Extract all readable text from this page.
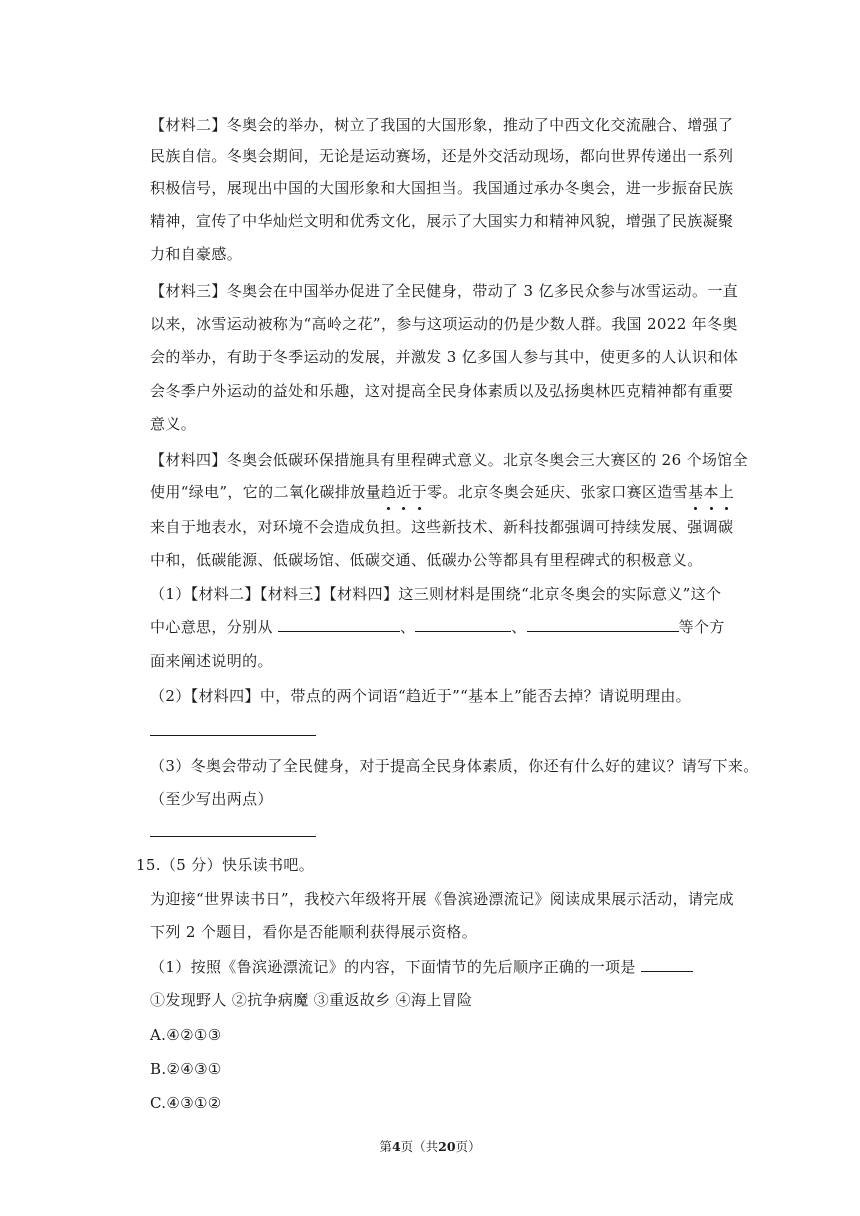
【材料二】冬奥会的举办，树立了我国的大国形象，推动了中西文化交流融合、增强了
民族自信。冬奥会期间，无论是运动赛场，还是外交活动现场，都向世界传递出一系列
积极信号，展现出中国的大国形象和大国担当。我国通过承办冬奥会，进一步振奋民族
精神，宣传了中华灿烂文明和优秀文化，展示了大国实力和精神风貌，增强了民族凝聚
力和自豪感。
【材料三】冬奥会在中国举办促进了全民健身，带动了 3 亿多民众参与冰雪运动。一直
以来，冰雪运动被称为“高岭之花”，参与这项运动的仍是少数人群。我国 2022 年冬奥
会的举办，有助于冬季运动的发展，并激发 3 亿多国人参与其中，使更多的人认识和体
会冬季户外运动的益处和乐趣，这对提高全民身体素质以及弘扬奥林匹克精神都有重要
意义。
【材料四】冬奥会低碳环保措施具有里程碑式意义。北京冬奥会三大赛区的 26 个场馆全
使用“绿电”，它的二氧化碳排放量趋近于零。北京冬奥会延庆、张家口赛区造雪基本上
来自于地表水，对环境不会造成负担。这些新技术、新科技都强调可持续发展、强调碳
中和，低碳能源、低碳场馆、低碳交通、低碳办公等都具有里程碑式的积极意义。
（1）【材料二】【材料三】【材料四】这三则材料是围绕“北京冬奥会的实际意义”这个
中心意思，分别从	、	、	等个方
面来阐述说明的。
（2）【材料四】中，带点的两个词语“趋近于”“基本上”能否去掉？请说明理由。
（3）冬奥会带动了全民健身，对于提高全民身体素质，你还有什么好的建议？请写下来。
（至少写出两点）
15.（5 分）快乐读书吧。
为迎接“世界读书日”，我校六年级将开展《鲁滨逊漂流记》阅读成果展示活动，请完成
下列 2 个题目，看你是否能顺利获得展示资格。
（1）按照《鲁滨逊漂流记》的内容，下面情节的先后顺序正确的一项是
①发现野人 ②抗争病魔 ③重返故乡 ④海上冒险
A.④②①③
B.②④③①
C.④③①②
第4页（共20页）
